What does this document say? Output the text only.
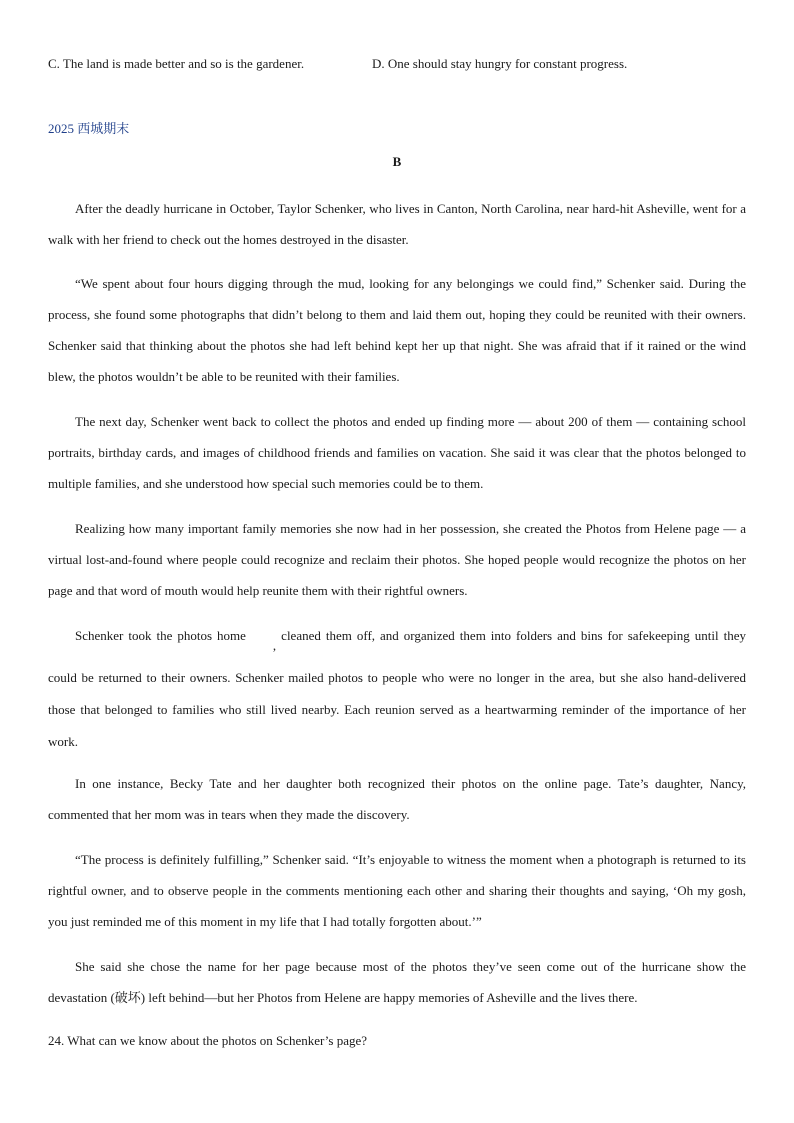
C. The land is made better and so is the gardener.	D. One should stay hungry for constant progress.
2025 西城期末
B

After the deadly hurricane in October, Taylor Schenker, who lives in Canton, North Carolina, near hard-hit Asheville, went for a walk with her friend to check out the homes destroyed in the disaster.

“We spent about four hours digging through the mud, looking for any belongings we could find,” Schenker said. During the process, she found some photographs that didn’t belong to them and laid them out, hoping they could be reunited with their owners. Schenker said that thinking about the photos she had left behind kept her up that night. She was afraid that if it rained or the wind blew, the photos wouldn’t be able to be reunited with their families.

The next day, Schenker went back to collect the photos and ended up finding more — about 200 of them — containing school portraits, birthday cards, and images of childhood friends and families on vacation. She said it was clear that the photos belonged to multiple families, and she understood how special such memories could be to them.

Realizing how many important family memories she now had in her possession, she created the Photos from Helene page — a virtual lost-and-found where people could recognize and reclaim their photos. She hoped people would recognize the photos on her page and that word of mouth would help reunite them with their rightful owners.

Schenker took the photos home, cleaned them off, and organized them into folders and bins for safekeeping until they could be returned to their owners. Schenker mailed photos to people who were no longer in the area, but she also hand-delivered those that belonged to families who still lived nearby. Each reunion served as a heartwarming reminder of the importance of her work.

In one instance, Becky Tate and her daughter both recognized their photos on the online page. Tate’s daughter, Nancy, commented that her mom was in tears when they made the discovery.

“The process is definitely fulfilling,” Schenker said. “It’s enjoyable to witness the moment when a photograph is returned to its rightful owner, and to observe people in the comments mentioning each other and sharing their thoughts and saying, ‘Oh my gosh, you just reminded me of this moment in my life that I had totally forgotten about.’”

She said she chose the name for her page because most of the photos they’ve seen come out of the hurricane show the devastation (破坏) left behind—but her Photos from Helene are happy memories of Asheville and the lives there.

24. What can we know about the photos on Schenker’s page?
